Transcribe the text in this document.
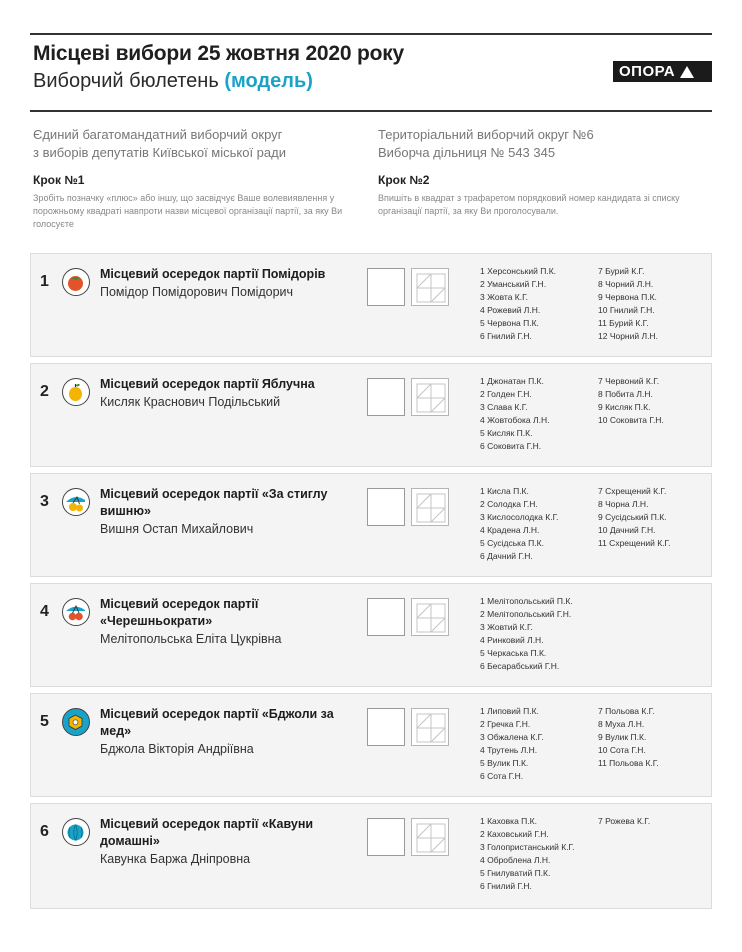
Місцеві вибори 25 жовтня 2020 року
Виборчий бюлетень (модель)	ОПОРА
Єдиний багатомандатний виборчий округ
з виборів депутатів Київської міської ради
Крок №1
Зробіть позначку «плюс» або іншу, що засвідчує Ваше волевиявлення у порожньому квадраті навпроти назви місцевої організації партії, за яку Ви голосуєте
Територіальний виборчий округ №6
Виборча дільниця № 543 345
Крок №2
Впишіть в квадрат з трафаретом порядковий номер кандидата зі списку організації партії, за яку Ви проголосували.
1	Місцевий осередок партії Помідорів
Помідор Помідорович Помідорич
1 Херсонський П.К.
2 Уманський Г.Н.
3 Жовта К.Г.
4 Рожевий Л.Н.
5 Червона П.К.
6 Гнилий Г.Н.
7 Бурий К.Г.
8 Чорний Л.Н.
9 Червона П.К.
10 Гнилий Г.Н.
11 Бурий К.Г.
12 Чорний Л.Н.
2	Місцевий осередок партії Яблучна
Кисляк Краснович Подільський
1 Джонатан П.К.
2 Голден Г.Н.
3 Слава К.Г.
4 Жовтобока Л.Н.
5 Кисляк П.К.
6 Соковита Г.Н.
7 Червоний К.Г.
8 Побита Л.Н.
9 Кисляк П.К.
10 Соковита Г.Н.
3	Місцевий осередок партії «За стиглу вишню»
Вишня Остап Михайлович
1 Кисла П.К.
2 Солодка Г.Н.
3 Кислосолодка К.Г.
4 Крадена Л.Н.
5 Сусідська П.К.
6 Дачний Г.Н.
7 Схрещений К.Г.
8 Чорна Л.Н.
9 Сусідський П.К.
10 Дачний Г.Н.
11 Схрещений К.Г.
4	Місцевий осередок партії «Черешньократи»
Мелітопольська Еліта Цукрівна
1 Мелітопольський П.К.
2 Мелітопольський Г.Н.
3 Жовтий К.Г.
4 Ринковий Л.Н.
5 Черкаська П.К.
6 Бесарабський Г.Н.
5	Місцевий осередок партії «Бджоли за мед»
Бджола Вікторія Андріївна
1 Липовий П.К.
2 Гречка Г.Н.
3 Обжалена К.Г.
4 Трутень Л.Н.
5 Вулик П.К.
6 Сота Г.Н.
7 Польова К.Г.
8 Муха Л.Н.
9 Вулик П.К.
10 Сота Г.Н.
11 Польова К.Г.
6	Місцевий осередок партії «Кавуни домашні»
Кавунка Баржа Дніпровна
1 Каховка П.К.
2 Каховський Г.Н.
3 Голопристанський К.Г.
4 Оброблена Л.Н.
5 Гнилуватий П.К.
6 Гнилий Г.Н.
7 Рожева К.Г.
